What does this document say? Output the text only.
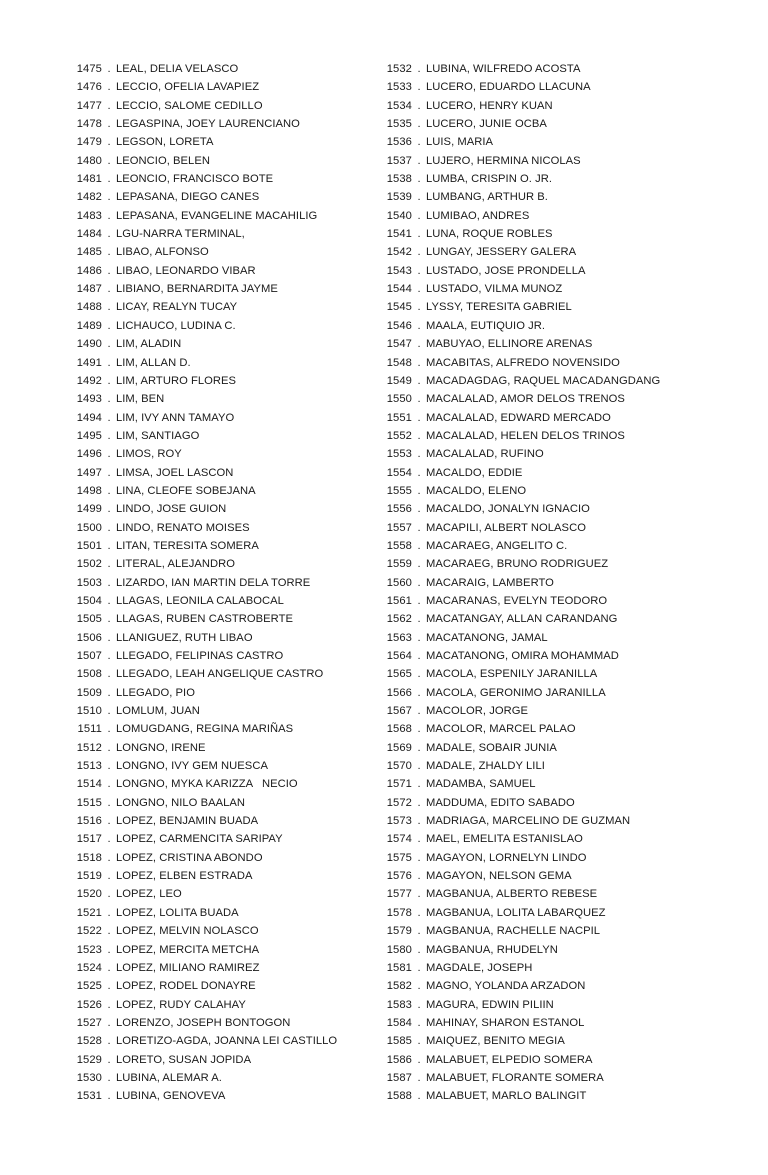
1475 . LEAL, DELIA VELASCO
1476 . LECCIO, OFELIA LAVAPIEZ
1477 . LECCIO, SALOME CEDILLO
1478 . LEGASPINA, JOEY LAURENCIANO
1479 . LEGSON, LORETA
1480 . LEONCIO, BELEN
1481 . LEONCIO, FRANCISCO BOTE
1482 . LEPASANA, DIEGO CANES
1483 . LEPASANA, EVANGELINE MACAHILIG
1484 . LGU-NARRA TERMINAL,
1485 . LIBAO, ALFONSO
1486 . LIBAO, LEONARDO VIBAR
1487 . LIBIANO, BERNARDITA JAYME
1488 . LICAY, REALYN TUCAY
1489 . LICHAUCO, LUDINA C.
1490 . LIM, ALADIN
1491 . LIM, ALLAN D.
1492 . LIM, ARTURO FLORES
1493 . LIM, BEN
1494 . LIM, IVY ANN TAMAYO
1495 . LIM, SANTIAGO
1496 . LIMOS, ROY
1497 . LIMSA, JOEL LASCON
1498 . LINA, CLEOFE SOBEJANA
1499 . LINDO, JOSE GUION
1500 . LINDO, RENATO MOISES
1501 . LITAN, TERESITA SOMERA
1502 . LITERAL, ALEJANDRO
1503 . LIZARDO, IAN MARTIN DELA TORRE
1504 . LLAGAS, LEONILA CALABOCAL
1505 . LLAGAS, RUBEN CASTROBERTE
1506 . LLANIGUEZ, RUTH LIBAO
1507 . LLEGADO, FELIPINAS CASTRO
1508 . LLEGADO, LEAH ANGELIQUE CASTRO
1509 . LLEGADO, PIO
1510 . LOMLUM, JUAN
1511 . LOMUGDANG, REGINA MARIÑAS
1512 . LONGNO, IRENE
1513 . LONGNO, IVY GEM NUESCA
1514 . LONGNO, MYKA KARIZZA   NECIO
1515 . LONGNO, NILO BAALAN
1516 . LOPEZ, BENJAMIN BUADA
1517 . LOPEZ, CARMENCITA SARIPAY
1518 . LOPEZ, CRISTINA ABONDO
1519 . LOPEZ, ELBEN ESTRADA
1520 . LOPEZ, LEO
1521 . LOPEZ, LOLITA BUADA
1522 . LOPEZ, MELVIN NOLASCO
1523 . LOPEZ, MERCITA METCHA
1524 . LOPEZ, MILIANO RAMIREZ
1525 . LOPEZ, RODEL DONAYRE
1526 . LOPEZ, RUDY CALAHAY
1527 . LORENZO, JOSEPH BONTOGON
1528 . LORETIZO-AGDA, JOANNA LEI CASTILLO
1529 . LORETO, SUSAN JOPIDA
1530 . LUBINA, ALEMAR A.
1531 . LUBINA, GENOVEVA
1532 . LUBINA, WILFREDO ACOSTA
1533 . LUCERO, EDUARDO LLACUNA
1534 . LUCERO, HENRY KUAN
1535 . LUCERO, JUNIE OCBA
1536 . LUIS, MARIA
1537 . LUJERO, HERMINA NICOLAS
1538 . LUMBA, CRISPIN O. JR.
1539 . LUMBANG, ARTHUR B.
1540 . LUMIBAO, ANDRES
1541 . LUNA, ROQUE ROBLES
1542 . LUNGAY, JESSERY GALERA
1543 . LUSTADO, JOSE PRONDELLA
1544 . LUSTADO, VILMA MUNOZ
1545 . LYSSY, TERESITA GABRIEL
1546 . MAALA, EUTIQUIO JR.
1547 . MABUYAO, ELLINORE ARENAS
1548 . MACABITAS, ALFREDO NOVENSIDO
1549 . MACADAGDAG, RAQUEL MACADANGDANG
1550 . MACALALAD, AMOR DELOS TRENOS
1551 . MACALALAD, EDWARD MERCADO
1552 . MACALALAD, HELEN DELOS TRINOS
1553 . MACALALAD, RUFINO
1554 . MACALDO, EDDIE
1555 . MACALDO, ELENO
1556 . MACALDO, JONALYN IGNACIO
1557 . MACAPILI, ALBERT NOLASCO
1558 . MACARAEG, ANGELITO C.
1559 . MACARAEG, BRUNO RODRIGUEZ
1560 . MACARAIG, LAMBERTO
1561 . MACARANAS, EVELYN TEODORO
1562 . MACATANGAY, ALLAN CARANDANG
1563 . MACATANONG, JAMAL
1564 . MACATANONG, OMIRA MOHAMMAD
1565 . MACOLA, ESPENILY JARANILLA
1566 . MACOLA, GERONIMO JARANILLA
1567 . MACOLOR, JORGE
1568 . MACOLOR, MARCEL PALAO
1569 . MADALE, SOBAIR JUNIA
1570 . MADALE, ZHALDY LILI
1571 . MADAMBA, SAMUEL
1572 . MADDUMA, EDITO SABADO
1573 . MADRIAGA, MARCELINO DE GUZMAN
1574 . MAEL, EMELITA ESTANISLAO
1575 . MAGAYON, LORNELYN LINDO
1576 . MAGAYON, NELSON GEMA
1577 . MAGBANUA, ALBERTO REBESE
1578 . MAGBANUA, LOLITA LABARQUEZ
1579 . MAGBANUA, RACHELLE NACPIL
1580 . MAGBANUA, RHUDELYN
1581 . MAGDALE, JOSEPH
1582 . MAGNO, YOLANDA ARZADON
1583 . MAGURA, EDWIN PILIIN
1584 . MAHINAY, SHARON ESTANOL
1585 . MAIQUEZ, BENITO MEGIA
1586 . MALABUET, ELPEDIO SOMERA
1587 . MALABUET, FLORANTE SOMERA
1588 . MALABUET, MARLO BALINGIT
